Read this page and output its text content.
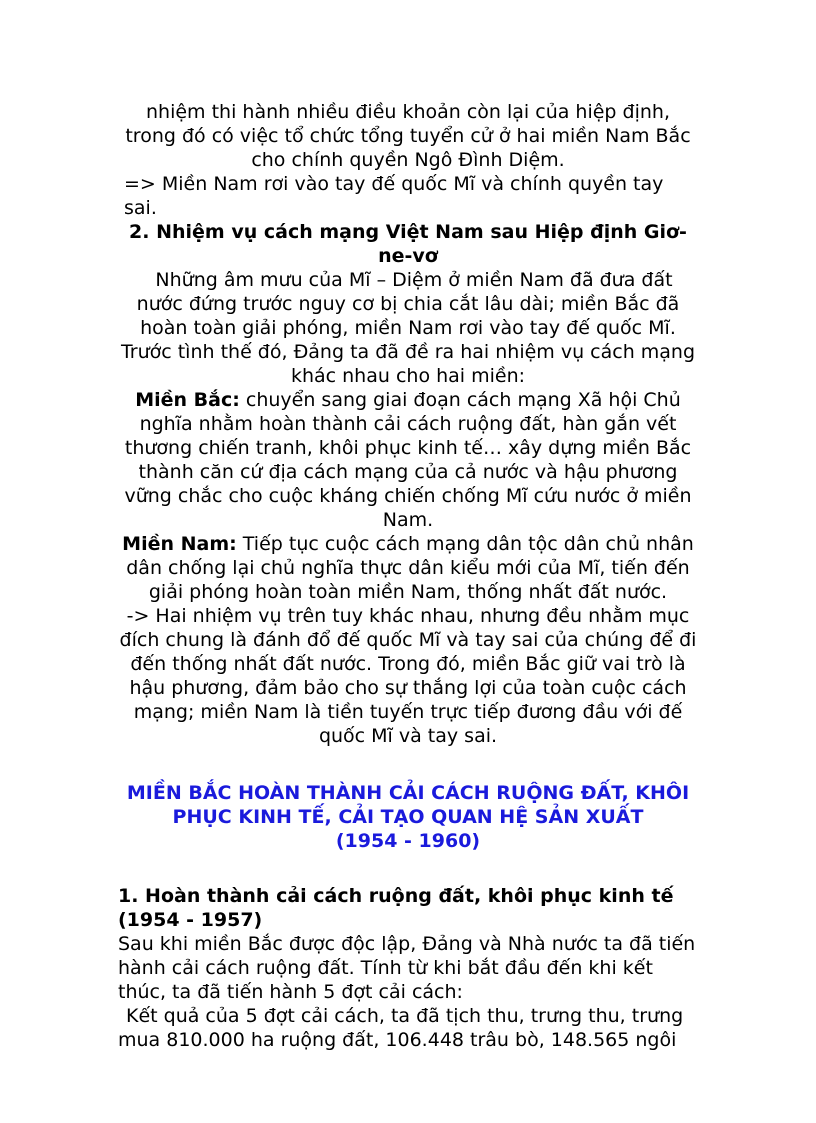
nhiệm thi hành nhiều điều khoản còn lại của hiệp định, trong đó có việc tổ chức tổng tuyển cử ở hai miền Nam Bắc cho chính quyền Ngô Đình Diệm.

=> Miền Nam rơi vào tay đế quốc Mĩ và chính quyền tay sai.

2. Nhiệm vụ cách mạng Việt Nam sau Hiệp định Giơ-ne-vơ

Những âm mưu của Mĩ – Diệm ở miền Nam đã đưa đất nước đứng trước nguy cơ bị chia cắt lâu dài; miền Bắc đã hoàn toàn giải phóng, miền Nam rơi vào tay đế quốc Mĩ. Trước tình thế đó, Đảng ta đã đề ra hai nhiệm vụ cách mạng khác nhau cho hai miền:

Miền Bắc: chuyển sang giai đoạn cách mạng Xã hội Chủ nghĩa nhằm hoàn thành cải cách ruộng đất, hàn gắn vết thương chiến tranh, khôi phục kinh tế… xây dựng miền Bắc thành căn cứ địa cách mạng của cả nước và hậu phương vững chắc cho cuộc kháng chiến chống Mĩ cứu nước ở miền Nam.

Miền Nam: Tiếp tục cuộc cách mạng dân tộc dân chủ nhân dân chống lại chủ nghĩa thực dân kiểu mới của Mĩ, tiến đến giải phóng hoàn toàn miền Nam, thống nhất đất nước.

-> Hai nhiệm vụ trên tuy khác nhau, nhưng đều nhằm mục đích chung là đánh đổ đế quốc Mĩ và tay sai của chúng để đi đến thống nhất đất nước. Trong đó, miền Bắc giữ vai trò là hậu phương, đảm bảo cho sự thắng lợi của toàn cuộc cách mạng; miền Nam là tiền tuyến trực tiếp đương đầu với đế quốc Mĩ và tay sai.

MIỀN BẮC HOÀN THÀNH CẢI CÁCH RUỘNG ĐẤT, KHÔI PHỤC KINH TẾ, CẢI TẠO QUAN HỆ SẢN XUẤT
(1954 - 1960)

1. Hoàn thành cải cách ruộng đất, khôi phục kinh tế (1954 - 1957)

Sau khi miền Bắc được độc lập, Đảng và Nhà nước ta đã tiến hành cải cách ruộng đất. Tính từ khi bắt đầu đến khi kết thúc, ta đã tiến hành 5 đợt cải cách:

Kết quả của 5 đợt cải cách, ta đã tịch thu, trưng thu, trưng mua 810.000 ha ruộng đất, 106.448 trâu bò, 148.565 ngôi
